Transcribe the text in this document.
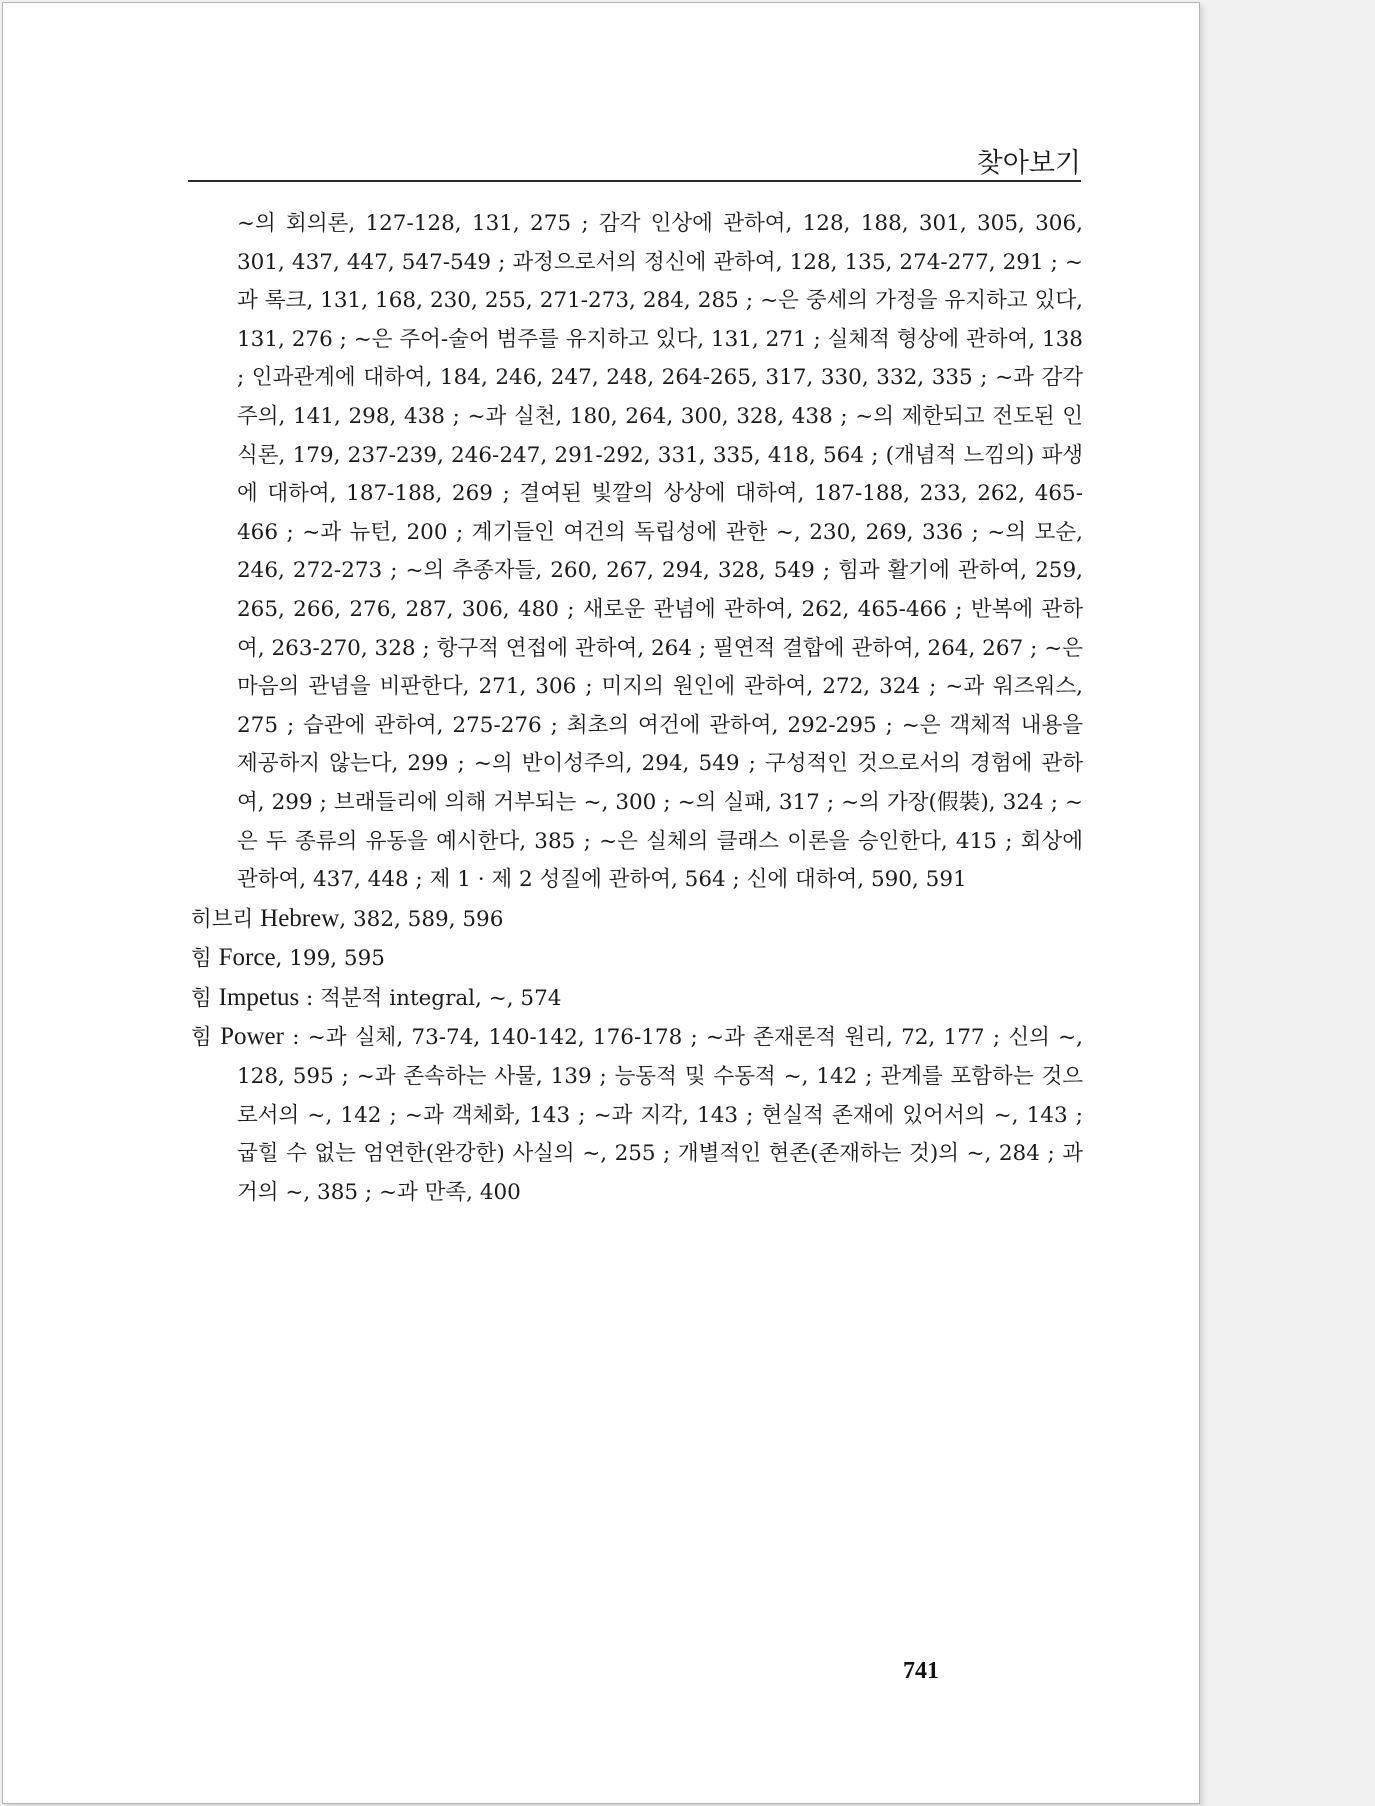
찾아보기
~의 회의론, 127-128, 131, 275 ; 감각 인상에 관하여, 128, 188, 301, 305, 306, 301, 437, 447, 547-549 ; 과정으로서의 정신에 관하여, 128, 135, 274-277, 291 ; ~과 록크, 131, 168, 230, 255, 271-273, 284, 285 ; ~은 중세의 가정을 유지하고 있다, 131, 276 ; ~은 주어-술어 범주를 유지하고 있다, 131, 271 ; 실체적 형상에 관하여, 138 ; 인과관계에 대하여, 184, 246, 247, 248, 264-265, 317, 330, 332, 335 ; ~과 감각주의, 141, 298, 438 ; ~과 실천, 180, 264, 300, 328, 438 ; ~의 제한되고 전도된 인식론, 179, 237-239, 246-247, 291-292, 331, 335, 418, 564 ; (개념적 느낌의) 파생에 대하여, 187-188, 269 ; 결여된 빛깔의 상상에 대하여, 187-188, 233, 262, 465-466 ; ~과 뉴턴, 200 ; 계기들인 여건의 독립성에 관한 ~, 230, 269, 336 ; ~의 모순, 246, 272-273 ; ~의 추종자들, 260, 267, 294, 328, 549 ; 힘과 활기에 관하여, 259, 265, 266, 276, 287, 306, 480 ; 새로운 관념에 관하여, 262, 465-466 ; 반복에 관하여, 263-270, 328 ; 항구적 연접에 관하여, 264 ; 필연적 결합에 관하여, 264, 267 ; ~은 마음의 관념을 비판한다, 271, 306 ; 미지의 원인에 관하여, 272, 324 ; ~과 워즈워스, 275 ; 습관에 관하여, 275-276 ; 최초의 여건에 관하여, 292-295 ; ~은 객체적 내용을 제공하지 않는다, 299 ; ~의 반이성주의, 294, 549 ; 구성적인 것으로서의 경험에 관하여, 299 ; 브래들리에 의해 거부되는 ~, 300 ; ~의 실패, 317 ; ~의 가장(假裝), 324 ; ~은 두 종류의 유동을 예시한다, 385 ; ~은 실체의 클래스 이론을 승인한다, 415 ; 회상에 관하여, 437, 448 ; 제 1 · 제 2 성질에 관하여, 564 ; 신에 대하여, 590, 591
히브리 Hebrew, 382, 589, 596
힘 Force, 199, 595
힘 Impetus : 적분적 integral, ~, 574
힘 Power : ~과 실체, 73-74, 140-142, 176-178 ; ~과 존재론적 원리, 72, 177 ; 신의 ~, 128, 595 ; ~과 존속하는 사물, 139 ; 능동적 및 수동적 ~, 142 ; 관계를 포함하는 것으로서의 ~, 142 ; ~과 객체화, 143 ; ~과 지각, 143 ; 현실적 존재에 있어서의 ~, 143 ; 굽힐 수 없는 엄연한(완강한) 사실의 ~, 255 ; 개별적인 현존(존재하는 것)의 ~, 284 ; 과거의 ~, 385 ; ~과 만족, 400
741
